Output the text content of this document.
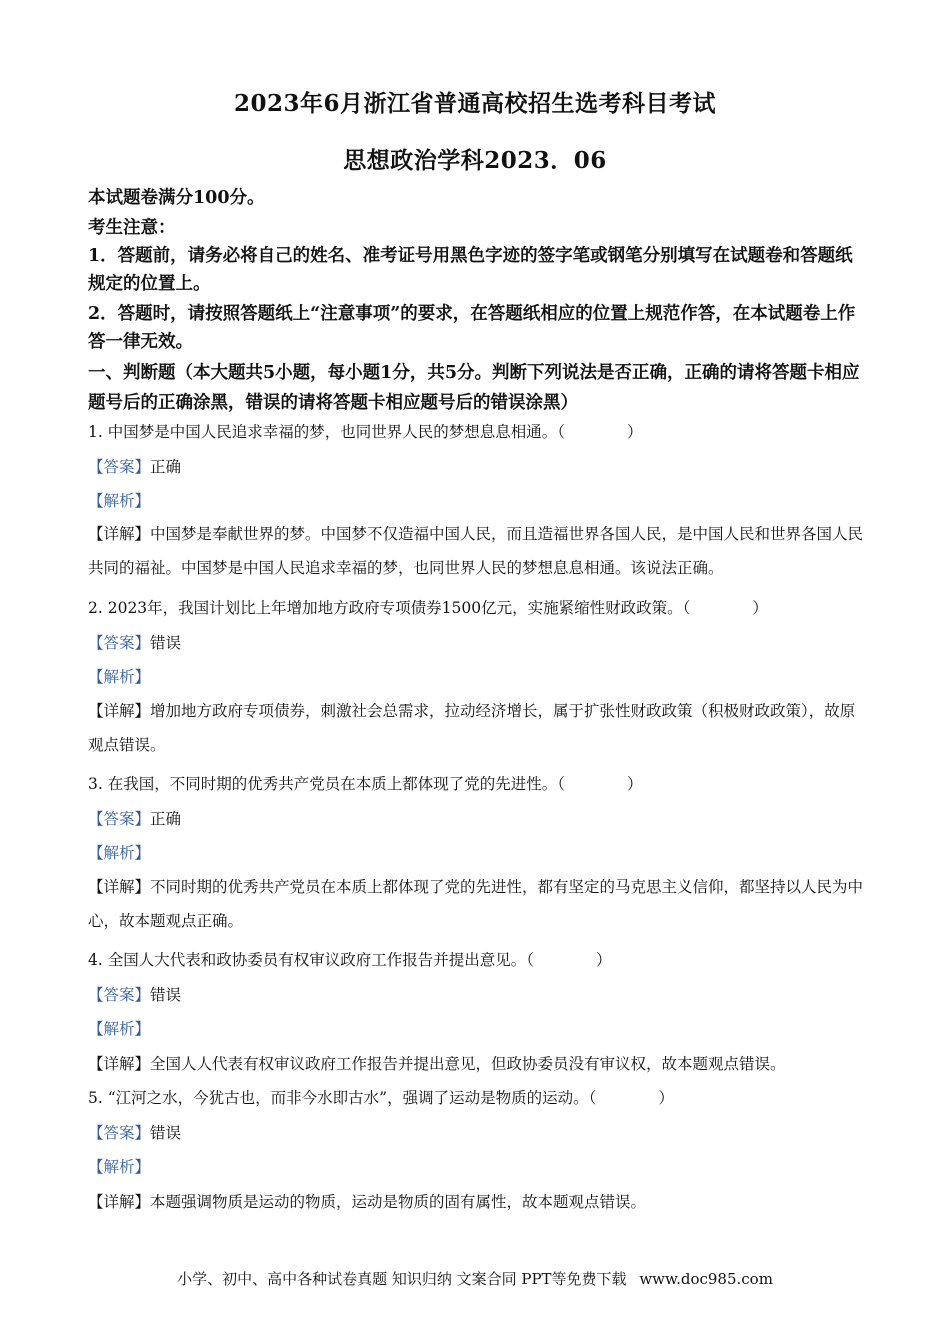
2023年6月浙江省普通高校招生选考科目考试
思想政治学科2023．06
本试题卷满分100分。
考生注意：
1．答题前，请务必将自己的姓名、准考证号用黑色字迹的签字笔或钢笔分别填写在试题卷和答题纸规定的位置上。
2．答题时，请按照答题纸上“注意事项”的要求，在答题纸相应的位置上规范作答，在本试题卷上作答一律无效。
一、判断题（本大题共5小题，每小题1分，共5分。判断下列说法是否正确，正确的请将答题卡相应题号后的正确涂黑，错误的请将答题卡相应题号后的错误涂黑）
1. 中国梦是中国人民追求幸福的梦，也同世界人民的梦想息息相通。（	）
【答案】正确
【解析】
【详解】中国梦是奉献世界的梦。中国梦不仅造福中国人民，而且造福世界各国人民，是中国人民和世界各国人民共同的福祉。中国梦是中国人民追求幸福的梦，也同世界人民的梦想息息相通。该说法正确。
2. 2023年，我国计划比上年增加地方政府专项债券1500亿元，实施紧缩性财政政策。（	）
【答案】错误
【解析】
【详解】增加地方政府专项债券，刺激社会总需求，拉动经济增长，属于扩张性财政政策（积极财政政策），故原观点错误。
3. 在我国，不同时期的优秀共产党员在本质上都体现了党的先进性。（	）
【答案】正确
【解析】
【详解】不同时期的优秀共产党员在本质上都体现了党的先进性，都有坚定的马克思主义信仰，都坚持以人民为中心，故本题观点正确。
4. 全国人大代表和政协委员有权审议政府工作报告并提出意见。（	）
【答案】错误
【解析】
【详解】全国人人代表有权审议政府工作报告并提出意见，但政协委员没有审议权，故本题观点错误。
5. “江河之水，今犹古也，而非今水即古水”，强调了运动是物质的运动。（	）
【答案】错误
【解析】
【详解】本题强调物质是运动的物质，运动是物质的固有属性，故本题观点错误。
小学、初中、高中各种试卷真题 知识归纳 文案合同 PPT等免费下载 www.doc985.com
